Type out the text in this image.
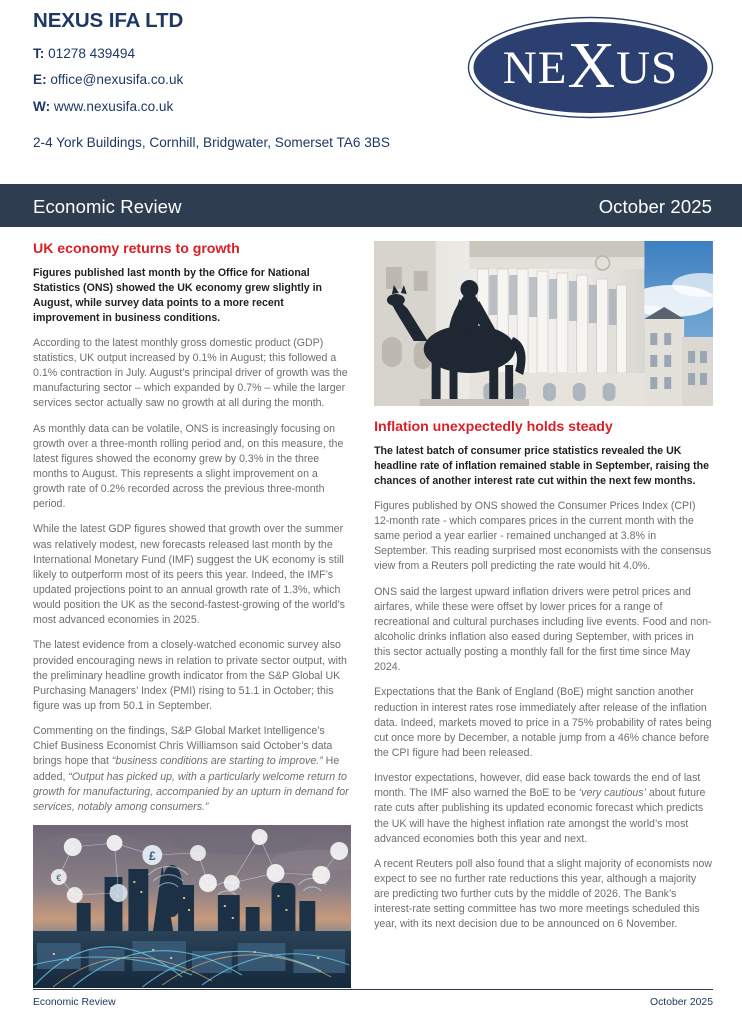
NEXUS IFA LTD
T: 01278 439494
E: office@nexusifa.co.uk
W: www.nexusifa.co.uk
2-4 York Buildings, Cornhill, Bridgwater, Somerset TA6 3BS
NEXUS
Economic Review	October 2025
UK economy returns to growth

Figures published last month by the Office for National Statistics (ONS) showed the UK economy grew slightly in August, while survey data points to a more recent improvement in business conditions.

According to the latest monthly gross domestic product (GDP) statistics, UK output increased by 0.1% in August; this followed a 0.1% contraction in July. August’s principal driver of growth was the manufacturing sector – which expanded by 0.7% – while the larger services sector actually saw no growth at all during the month.

As monthly data can be volatile, ONS is increasingly focusing on growth over a three-month rolling period and, on this measure, the latest figures showed the economy grew by 0.3% in the three months to August. This represents a slight improvement on a growth rate of 0.2% recorded across the previous three-month period.

While the latest GDP figures showed that growth over the summer was relatively modest, new forecasts released last month by the International Monetary Fund (IMF) suggest the UK economy is still likely to outperform most of its peers this year. Indeed, the IMF’s updated projections point to an annual growth rate of 1.3%, which would position the UK as the second-fastest-growing of the world’s most advanced economies in 2025.

The latest evidence from a closely-watched economic survey also provided encouraging news in relation to private sector output, with the preliminary headline growth indicator from the S&P Global UK Purchasing Managers’ Index (PMI) rising to 51.1 in October; this figure was up from 50.1 in September.

Commenting on the findings, S&P Global Market Intelligence’s Chief Business Economist Chris Williamson said October’s data brings hope that “business conditions are starting to improve.” He added, “Output has picked up, with a particularly welcome return to growth for manufacturing, accompanied by an upturn in demand for services, notably among consumers.”

£
€
Inflation unexpectedly holds steady

The latest batch of consumer price statistics revealed the UK headline rate of inflation remained stable in September, raising the chances of another interest rate cut within the next few months.

Figures published by ONS showed the Consumer Prices Index (CPI) 12-month rate - which compares prices in the current month with the same period a year earlier - remained unchanged at 3.8% in September. This reading surprised most economists with the consensus view from a Reuters poll predicting the rate would hit 4.0%.

ONS said the largest upward inflation drivers were petrol prices and airfares, while these were offset by lower prices for a range of recreational and cultural purchases including live events. Food and non-alcoholic drinks inflation also eased during September, with prices in this sector actually posting a monthly fall for the first time since May 2024.

Expectations that the Bank of England (BoE) might sanction another reduction in interest rates rose immediately after release of the inflation data. Indeed, markets moved to price in a 75% probability of rates being cut once more by December, a notable jump from a 46% chance before the CPI figure had been released.

Investor expectations, however, did ease back towards the end of last month. The IMF also warned the BoE to be ‘very cautious’ about future rate cuts after publishing its updated economic forecast which predicts the UK will have the highest inflation rate amongst the world’s most advanced economies both this year and next.

A recent Reuters poll also found that a slight majority of economists now expect to see no further rate reductions this year, although a majority are predicting two further cuts by the middle of 2026. The Bank’s interest-rate setting committee has two more meetings scheduled this year, with its next decision due to be announced on 6 November.

Economic Review	October 2025
